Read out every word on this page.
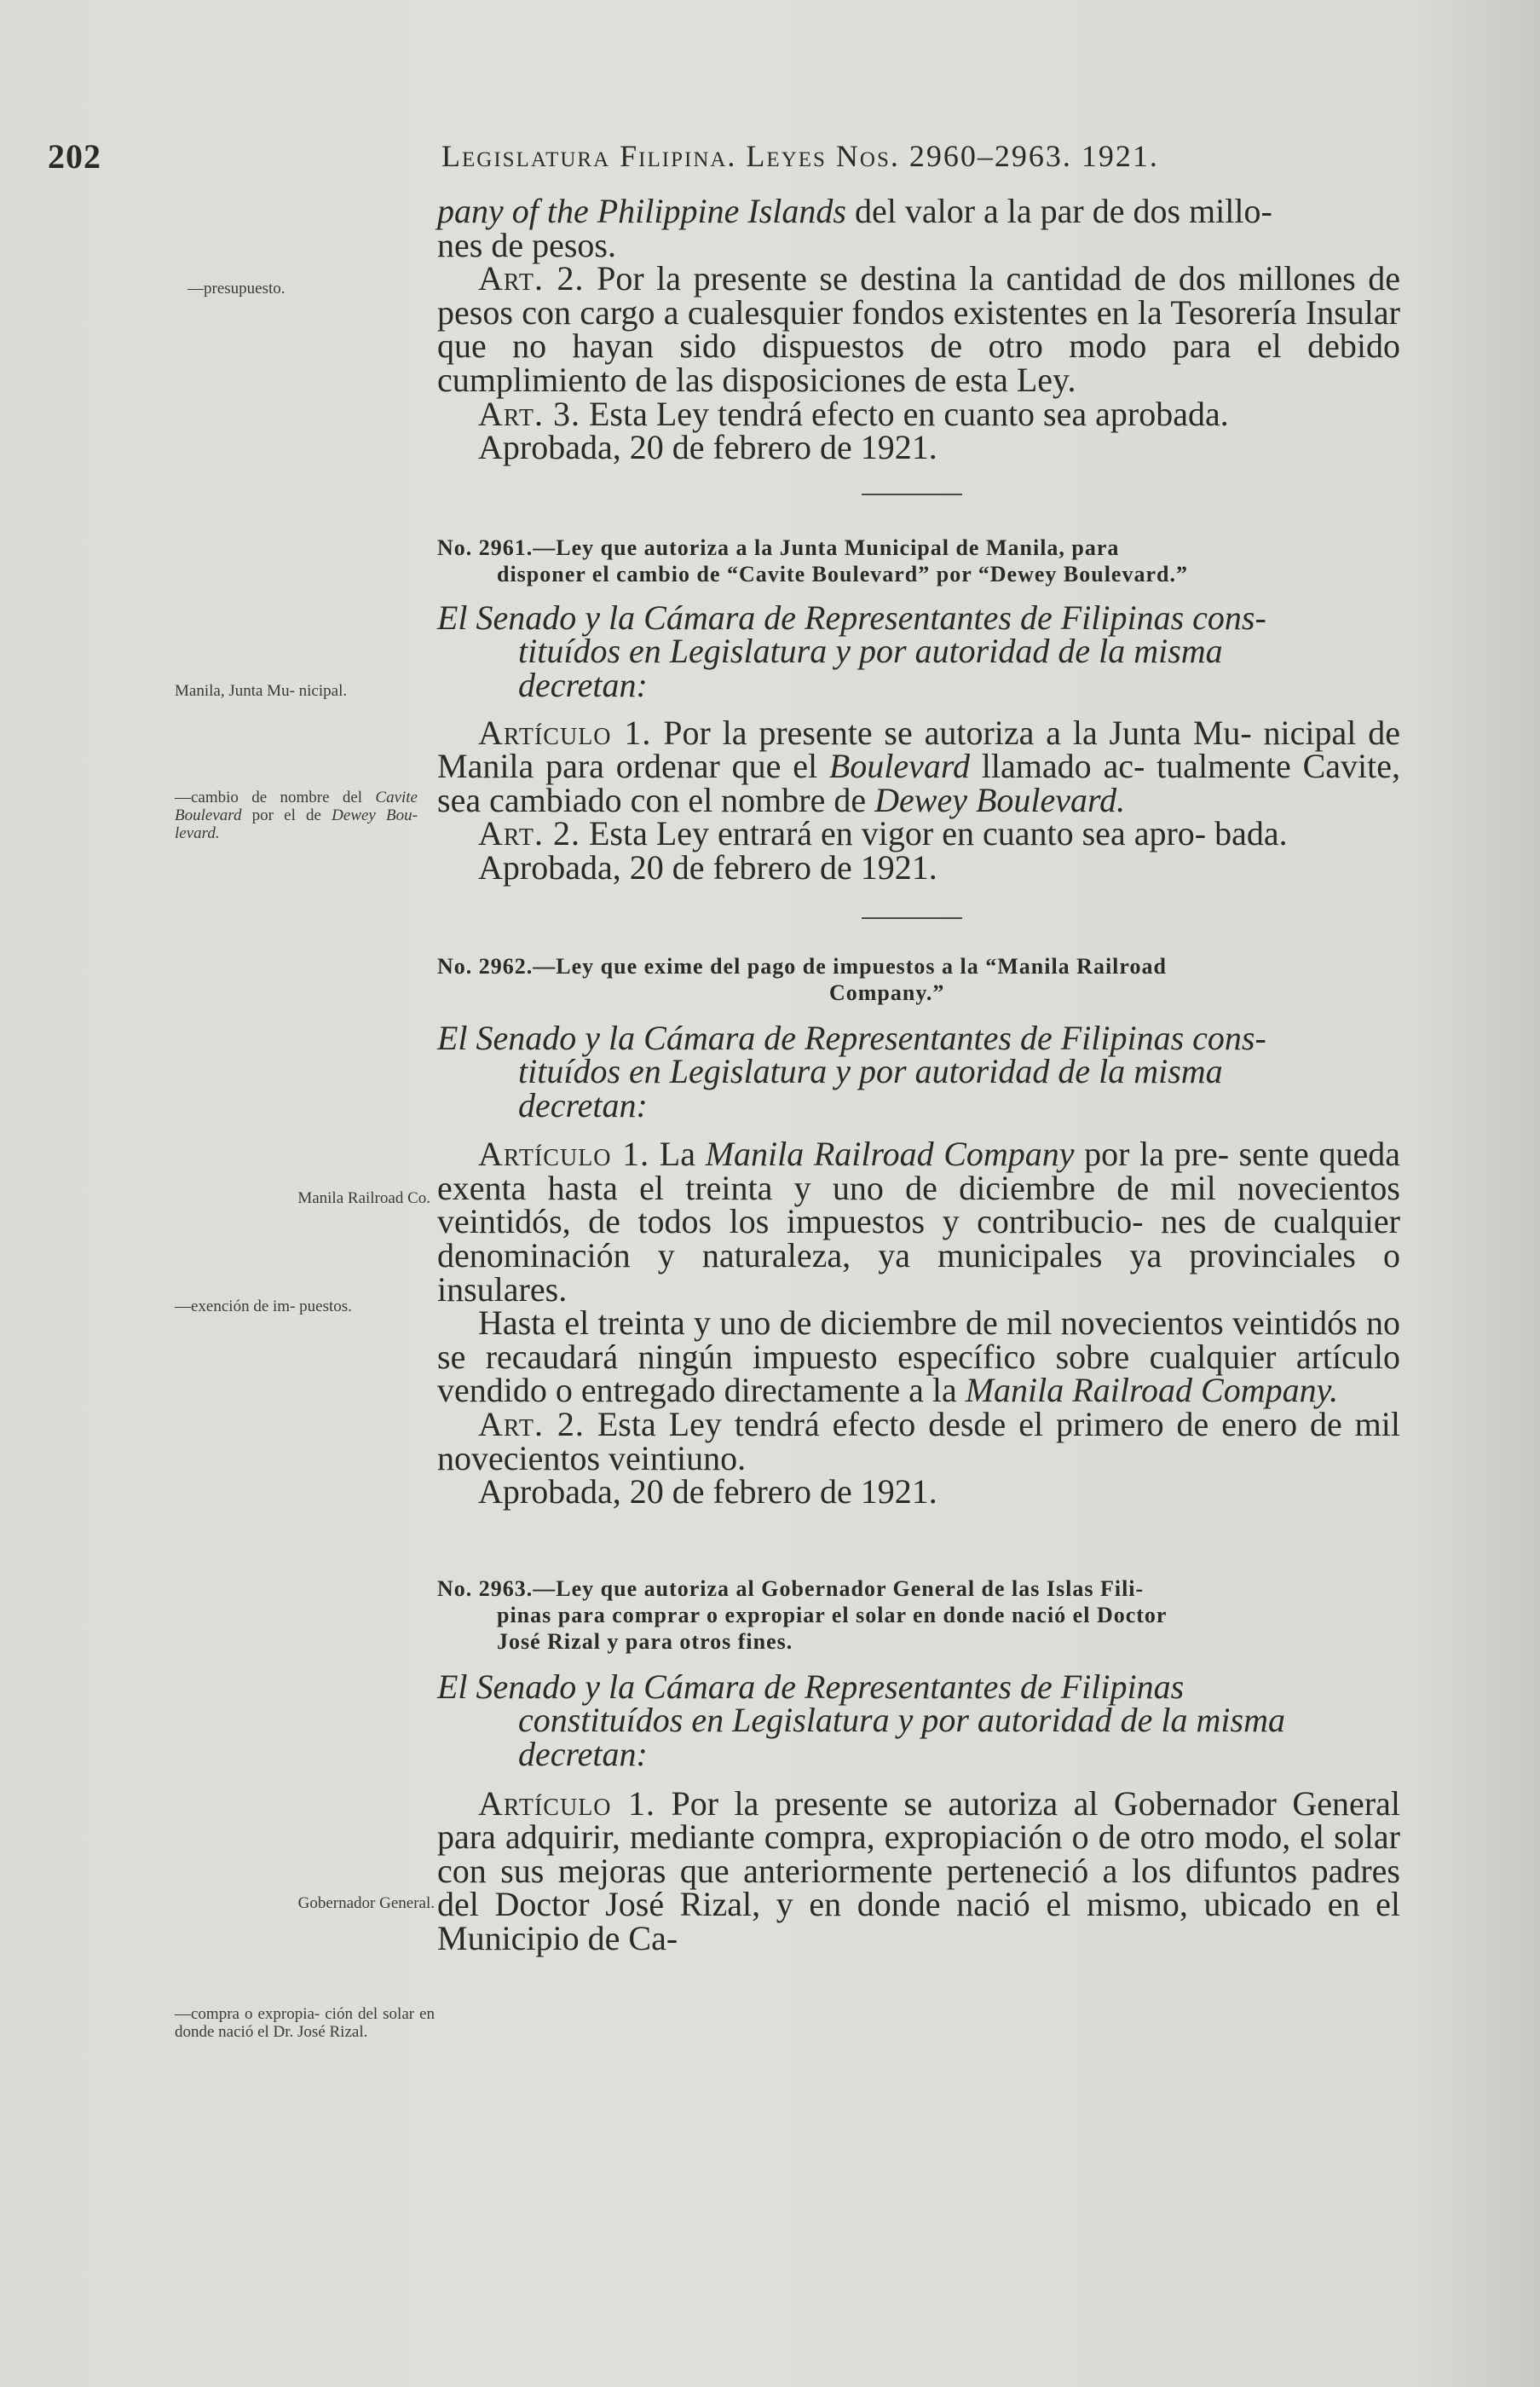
202	Legislatura Filipina. Leyes Nos. 2960–2963. 1921.

pany of the Philippine Islands del valor a la par de dos millo-
nes de pesos.

Art. 2. Por la presente se destina la cantidad de dos millones de pesos con cargo a cualesquier fondos existentes en la Tesorería Insular que no hayan sido dispuestos de otro modo para el debido cumplimiento de las disposiciones de esta Ley.

Art. 3. Esta Ley tendrá efecto en cuanto sea aprobada.

Aprobada, 20 de febrero de 1921.

No. 2961.—Ley que autoriza a la Junta Municipal de Manila, para
disponer el cambio de “Cavite Boulevard” por “Dewey Boulevard.”
El Senado y la Cámara de Representantes de Filipinas cons-
tituídos en Legislatura y por autoridad de la misma
decretan:

Artículo 1. Por la presente se autoriza a la Junta Mu- nicipal de Manila para ordenar que el Boulevard llamado ac- tualmente Cavite, sea cambiado con el nombre de Dewey Boulevard.

Art. 2. Esta Ley entrará en vigor en cuanto sea apro- bada.

Aprobada, 20 de febrero de 1921.

No. 2962.—Ley que exime del pago de impuestos a la “Manila Railroad
Company.”
El Senado y la Cámara de Representantes de Filipinas cons-
tituídos en Legislatura y por autoridad de la misma
decretan:

Artículo 1. La Manila Railroad Company por la pre- sente queda exenta hasta el treinta y uno de diciembre de mil novecientos veintidós, de todos los impuestos y contribucio- nes de cualquier denominación y naturaleza, ya municipales ya provinciales o insulares.

Hasta el treinta y uno de diciembre de mil novecientos veintidós no se recaudará ningún impuesto específico sobre cualquier artículo vendido o entregado directamente a la Manila Railroad Company.

Art. 2. Esta Ley tendrá efecto desde el primero de enero de mil novecientos veintiuno.

Aprobada, 20 de febrero de 1921.

No. 2963.—Ley que autoriza al Gobernador General de las Islas Fili-
pinas para comprar o expropiar el solar en donde nació el Doctor
José Rizal y para otros fines.
El Senado y la Cámara de Representantes de Filipinas
constituídos en Legislatura y por autoridad de la misma
decretan:

Artículo 1. Por la presente se autoriza al Gobernador General para adquirir, mediante compra, expropiación o de otro modo, el solar con sus mejoras que anteriormente perteneció a los difuntos padres del Doctor José Rizal, y en donde nació el mismo, ubicado en el Municipio de Ca-

—presupuesto.
Manila, Junta Mu- nicipal.
—cambio de nombre del Cavite Boulevard por el de Dewey Bou- levard.
Manila Railroad Co.
—exención de im- puestos.
Gobernador General.
—compra o expropia- ción del solar en donde nació el Dr. José Rizal.
